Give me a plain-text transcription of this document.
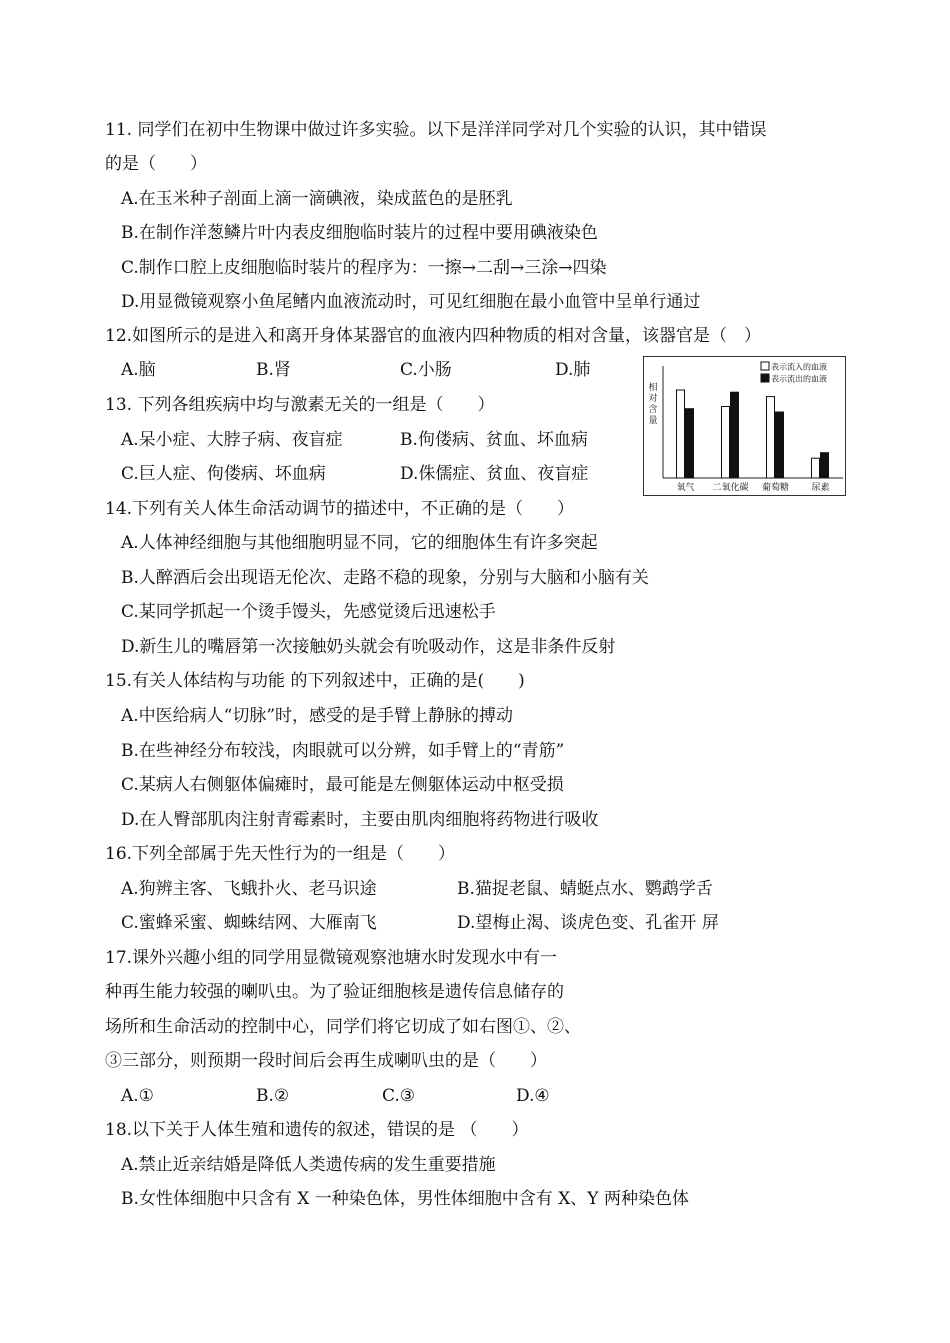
11. 同学们在初中生物课中做过许多实验。以下是洋洋同学对几个实验的认识，其中错误
的是（　　）
A.在玉米种子剖面上滴一滴碘液，染成蓝色的是胚乳
B.在制作洋葱鳞片叶内表皮细胞临时装片的过程中要用碘液染色
C.制作口腔上皮细胞临时装片的程序为：一擦→二刮→三涂→四染
D.用显微镜观察小鱼尾鳍内血液流动时，可见红细胞在最小血管中呈单行通过
12.如图所示的是进入和离开身体某器官的血液内四种物质的相对含量，该器官是（　）
A.脑	B.肾	C.小肠	D.肺
13. 下列各组疾病中均与激素无关的一组是（　　）
A.呆小症、大脖子病、夜盲症	B.佝偻病、贫血、坏血病
C.巨人症、佝偻病、坏血病	D.侏儒症、贫血、夜盲症
14.下列有关人体生命活动调节的描述中，不正确的是（　　）
A.人体神经细胞与其他细胞明显不同，它的细胞体生有许多突起
B.人醉酒后会出现语无伦次、走路不稳的现象，分别与大脑和小脑有关
C.某同学抓起一个烫手馒头，先感觉烫后迅速松手
D.新生儿的嘴唇第一次接触奶头就会有吮吸动作，这是非条件反射
15.有关人体结构与功能 的下列叙述中，正确的是(　　)
A.中医给病人“切脉”时，感受的是手臂上静脉的搏动
B.在些神经分布较浅，肉眼就可以分辨，如手臂上的“青筋”
C.某病人右侧躯体偏瘫时，最可能是左侧躯体运动中枢受损
D.在人臀部肌肉注射青霉素时，主要由肌肉细胞将药物进行吸收
16.下列全部属于先天性行为的一组是（　　）
A.狗辨主客、飞蛾扑火、老马识途	B.猫捉老鼠、蜻蜓点水、鹦鹉学舌
C.蜜蜂采蜜、蜘蛛结网、大雁南飞	D.望梅止渴、谈虎色变、孔雀开 屏
17.课外兴趣小组的同学用显微镜观察池塘水时发现水中有一
种再生能力较强的喇叭虫。为了验证细胞核是遗传信息储存的
场所和生命活动的控制中心，同学们将它切成了如右图①、②、
③三部分，则预期一段时间后会再生成喇叭虫的是（　　）
A.①	B.②	C.③	D.④
18.以下关于人体生殖和遗传的叙述，错误的是 （　　）
A.禁止近亲结婚是降低人类遗传病的发生重要措施
B.女性体细胞中只含有 X 一种染色体，男性体细胞中含有 X、Y 两种染色体
相
对
含
量
表示流入的血液
表示流出的血液
氧气 二氧化碳 葡萄糖 尿素
